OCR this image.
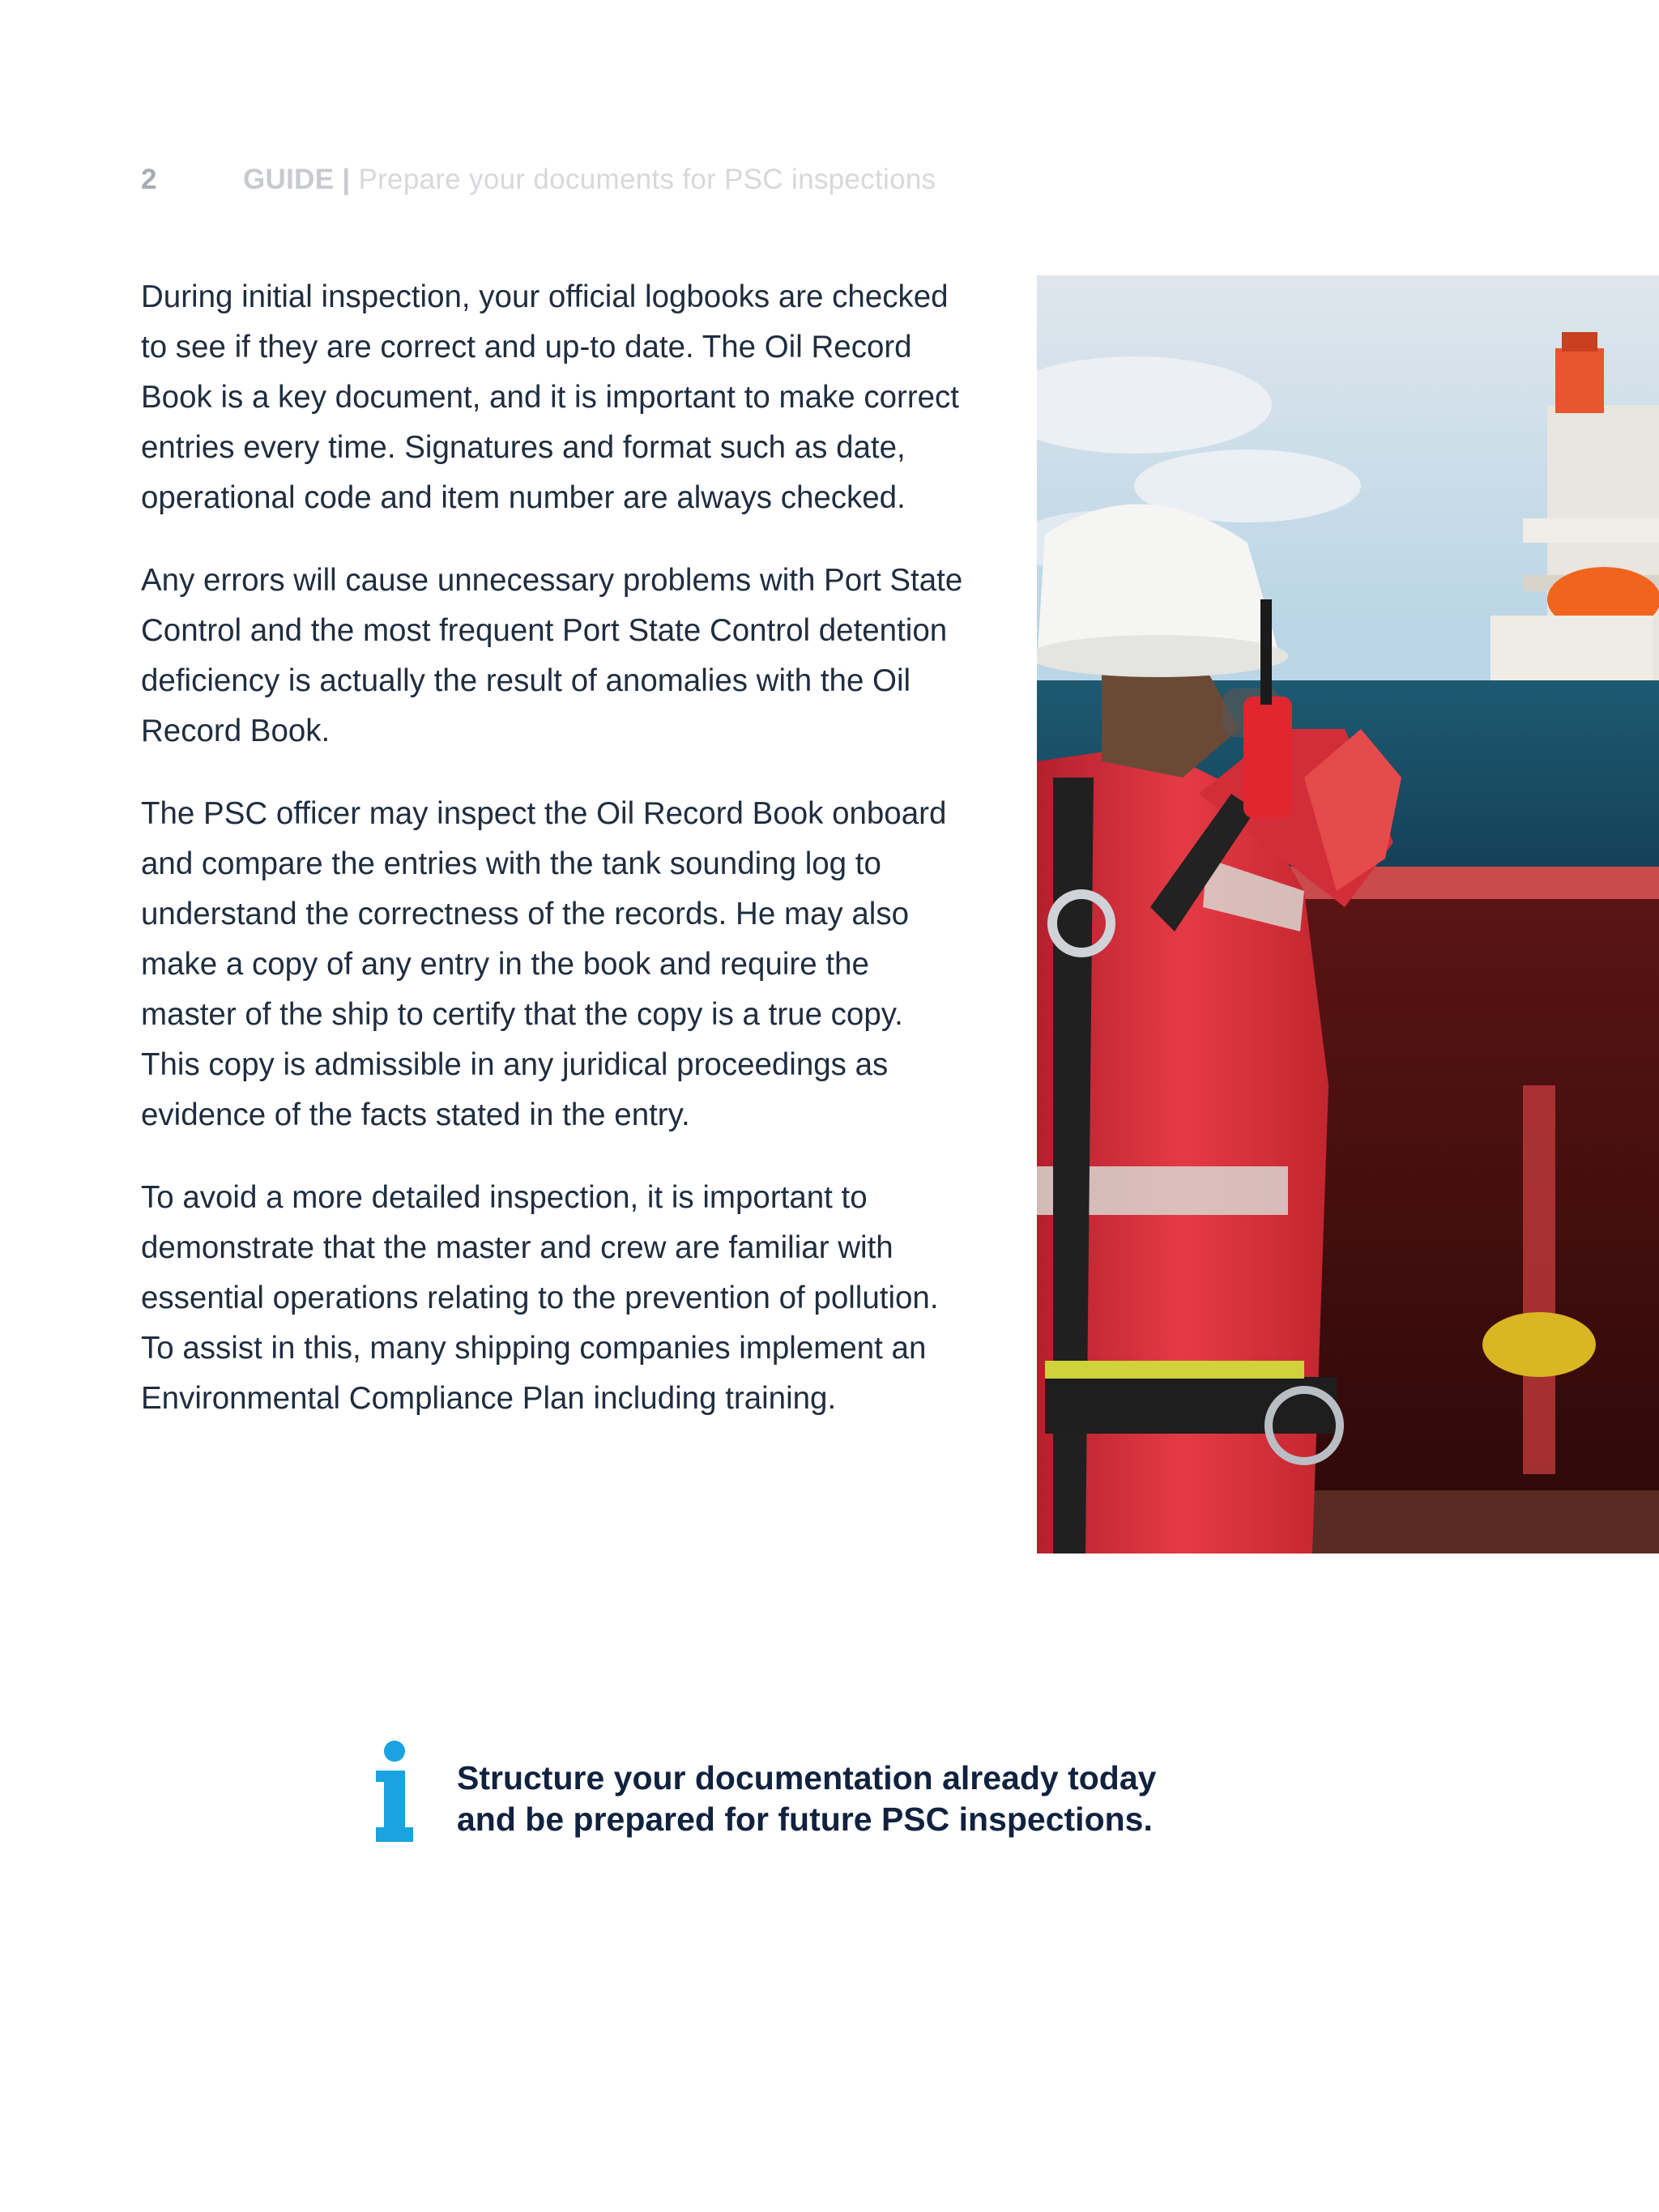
2	GUIDE | Prepare your documents for PSC inspections

During initial inspection, your official logbooks are checked to see if they are correct and up-to date. The Oil Record Book is a key document, and it is important to make correct entries every time. Signatures and format such as date, operational code and item number are always checked.

Any errors will cause unnecessary problems with Port State Control and the most frequent Port State Control detention deficiency is actually the result of anomalies with the Oil Record Book.

The PSC officer may inspect the Oil Record Book onboard and compare the entries with the tank sounding log to understand the correctness of the records. He may also make a copy of any entry in the book and require the master of the ship to certify that the copy is a true copy. This copy is admissible in any juridical proceedings as evidence of the facts stated in the entry.

To avoid a more detailed inspection, it is important to demonstrate that the master and crew are familiar with essential operations relating to the prevention of pollution. To assist in this, many shipping companies implement an Environmental Compliance Plan including training.

Structure your documentation already today
and be prepared for future PSC inspections.
